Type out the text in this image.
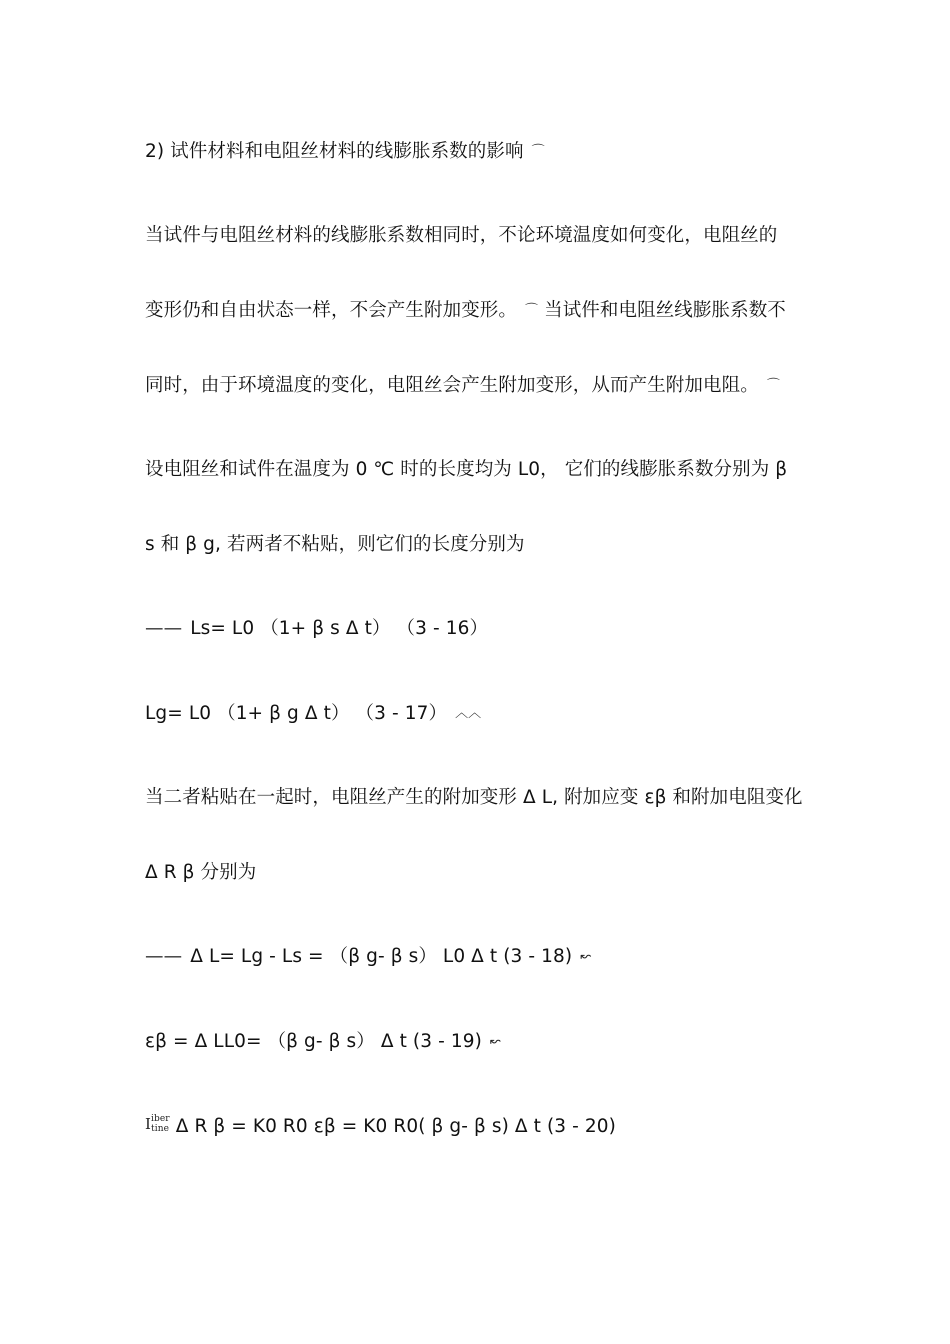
2) 试件材料和电阻丝材料的线膨胀系数的影响 ⌒
当试件与电阻丝材料的线膨胀系数相同时，不论环境温度如何变化，电阻丝的
变形仍和自由状态一样，不会产生附加变形。 ⌒ 当试件和电阻丝线膨胀系数不
同时，由于环境温度的变化，电阻丝会产生附加变形，从而产生附加电阻。 ⌒
设电阻丝和试件在温度为 0 ℃ 时的长度均为 L0， 它们的线膨胀系数分别为 β
s 和 β g, 若两者不粘贴，则它们的长度分别为
—— Ls= L0 （1+ β s Δ t） （3 - 16）
Lg= L0 （1+ β g Δ t） （3 - 17） ︿︿
当二者粘贴在一起时，电阻丝产生的附加变形 Δ L, 附加应变 εβ 和附加电阻变化
Δ R β 分别为
—— Δ L= Lg - Ls = （β g- β s） L0 Δ t (3 - 18) ↜
εβ = Δ LL0= （β g- β s） Δ t (3 - 19) ↜
I iber
tine Δ R β = K0 R0 εβ = K0 R0( β g- β s) Δ t (3 - 20)
